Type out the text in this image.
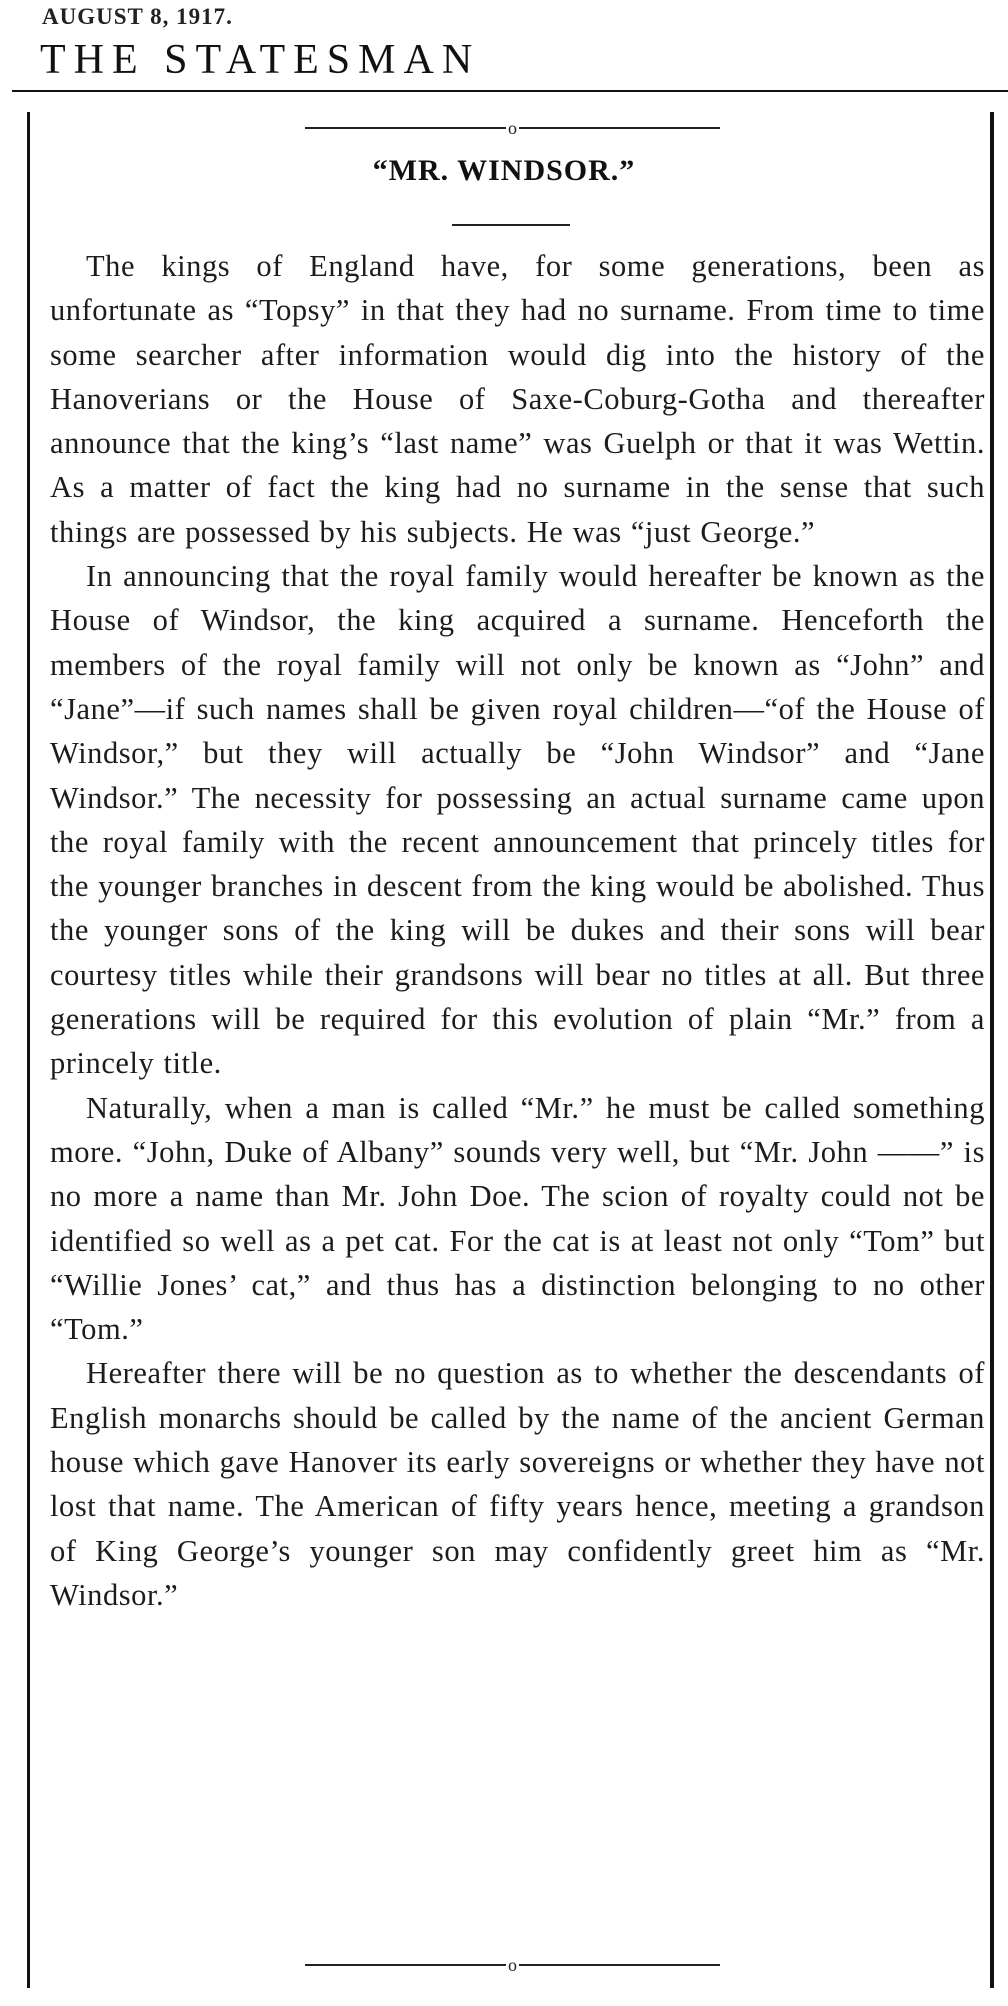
AUGUST 8, 1917.
THE STATESMAN
o
“MR. WINDSOR.”

The kings of England have, for some generations, been as unfortunate as “Topsy” in that they had no surname. From time to time some searcher after information would dig into the history of the Hanoverians or the House of Saxe-Coburg-Gotha and thereafter announce that the king’s “last name” was Guelph or that it was Wettin. As a matter of fact the king had no surname in the sense that such things are possessed by his subjects. He was “just George.”

In announcing that the royal family would hereafter be known as the House of Windsor, the king acquired a surname. Henceforth the members of the royal family will not only be known as “John” and “Jane”—if such names shall be given royal children—“of the House of Windsor,” but they will actually be “John Windsor” and “Jane Windsor.” The necessity for possessing an actual surname came upon the royal family with the recent announcement that princely titles for the younger branches in descent from the king would be abolished. Thus the younger sons of the king will be dukes and their sons will bear courtesy titles while their grandsons will bear no titles at all. But three generations will be required for this evolution of plain “Mr.” from a princely title.

Naturally, when a man is called “Mr.” he must be called something more. “John, Duke of Albany” sounds very well, but “Mr. John ——” is no more a name than Mr. John Doe. The scion of royalty could not be identified so well as a pet cat. For the cat is at least not only “Tom” but “Willie Jones’ cat,” and thus has a distinction belonging to no other “Tom.”

Hereafter there will be no question as to whether the descendants of English monarchs should be called by the name of the ancient German house which gave Hanover its early sovereigns or whether they have not lost that name. The American of fifty years hence, meeting a grandson of King George’s younger son may confidently greet him as “Mr. Windsor.”

o
